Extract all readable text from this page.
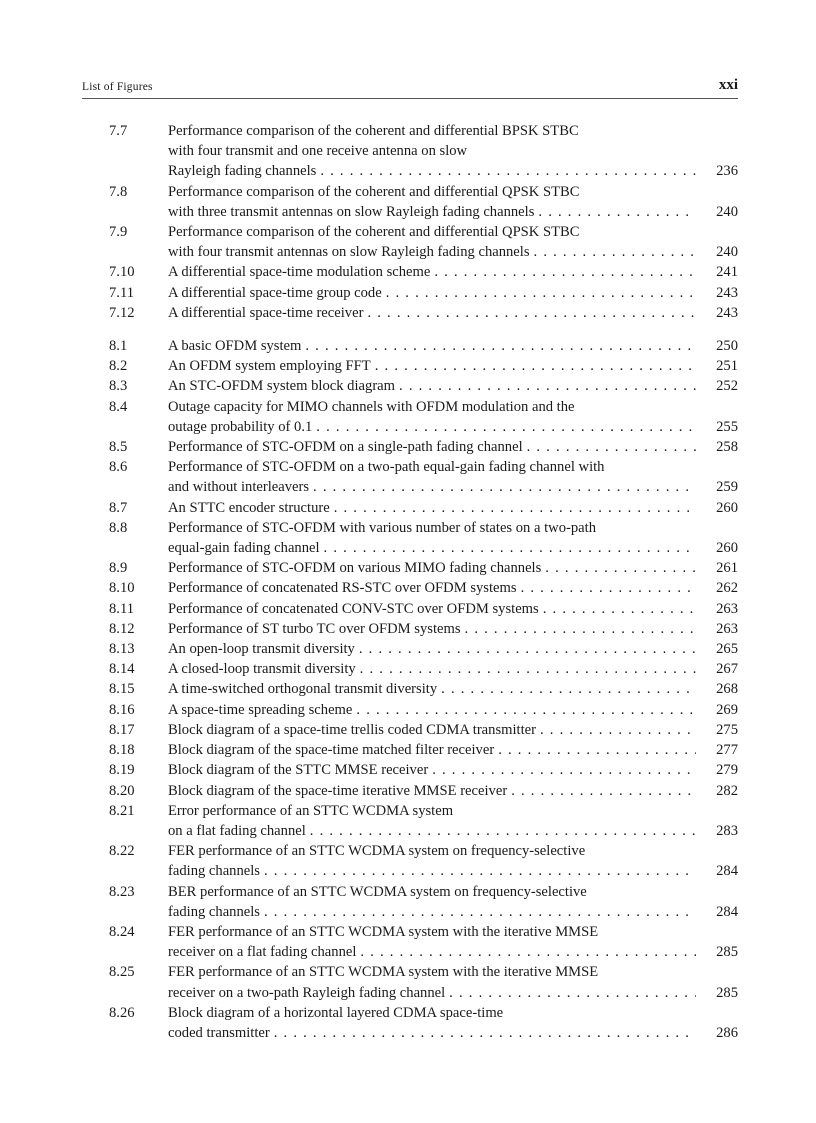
List of Figures	xxi
7.7	Performance comparison of the coherent and differential BPSK STBC
with four transmit and one receive antenna on slow
Rayleigh fading channels . . .	236
7.8	Performance comparison of the coherent and differential QPSK STBC
with three transmit antennas on slow Rayleigh fading channels . . .	240
7.9	Performance comparison of the coherent and differential QPSK STBC
with four transmit antennas on slow Rayleigh fading channels . . .	240
7.10 A differential space-time modulation scheme . . .	241
7.11 A differential space-time group code . . .	243
7.12 A differential space-time receiver . . .	243
8.1	A basic OFDM system . . .	250
8.2	An OFDM system employing FFT . . .	251
8.3	An STC-OFDM system block diagram . . .	252
8.4	Outage capacity for MIMO channels with OFDM modulation and the
outage probability of 0.1 . . .	255
8.5	Performance of STC-OFDM on a single-path fading channel . . .	258
8.6	Performance of STC-OFDM on a two-path equal-gain fading channel with
and without interleavers . . .	259
8.7	An STTC encoder structure . . .	260
8.8	Performance of STC-OFDM with various number of states on a two-path
equal-gain fading channel . . .	260
8.9	Performance of STC-OFDM on various MIMO fading channels . . .	261
8.10 Performance of concatenated RS-STC over OFDM systems . . .	262
8.11 Performance of concatenated CONV-STC over OFDM systems . . .	263
8.12 Performance of ST turbo TC over OFDM systems . . .	263
8.13 An open-loop transmit diversity . . .	265
8.14 A closed-loop transmit diversity . . .	267
8.15 A time-switched orthogonal transmit diversity . . .	268
8.16 A space-time spreading scheme . . .	269
8.17 Block diagram of a space-time trellis coded CDMA transmitter . . .	275
8.18 Block diagram of the space-time matched filter receiver . . .	277
8.19 Block diagram of the STTC MMSE receiver . . .	279
8.20 Block diagram of the space-time iterative MMSE receiver . . .	282
8.21 Error performance of an STTC WCDMA system
on a flat fading channel . . .	283
8.22 FER performance of an STTC WCDMA system on frequency-selective
fading channels . . .	284
8.23 BER performance of an STTC WCDMA system on frequency-selective
fading channels . . .	284
8.24 FER performance of an STTC WCDMA system with the iterative MMSE
receiver on a flat fading channel . . .	285
8.25 FER performance of an STTC WCDMA system with the iterative MMSE
receiver on a two-path Rayleigh fading channel . . .	285
8.26 Block diagram of a horizontal layered CDMA space-time
coded transmitter . . .	286
